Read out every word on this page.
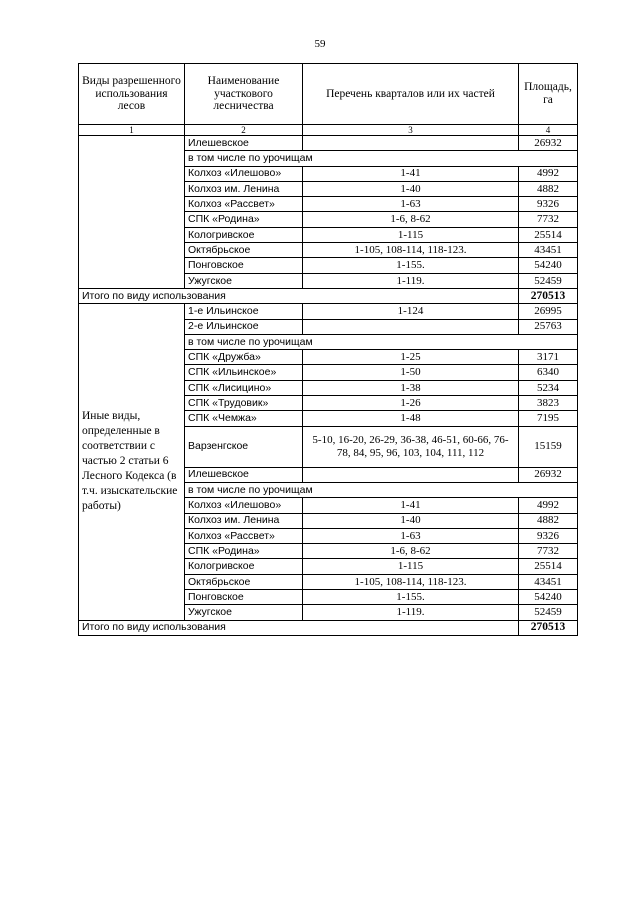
59
Виды разрешенного использования лесов	Наименование участкового лесничества	Перечень кварталов или их частей	Площадь, га
1	2	3	4
	Илешевское		26932
	в том числе по урочищам		
	Колхоз «Илешово»	1-41	4992
	Колхоз им. Ленина	1-40	4882
	Колхоз «Рассвет»	1-63	9326
	СПК «Родина»	1-6, 8-62	7732
	Кологривское	1-115	25514
	Октябрьское	1-105, 108-114, 118-123.	43451
	Понговское	1-155.	54240
	Ужугское	1-119.	52459
Итого по виду использования			270513
Иные виды, определенные в соответствии с частью 2 статьи 6 Лесного Кодекса (в т.ч. изыскательские работы)	1-е Ильинское	1-124	26995
	2-е Ильинское		25763
	в том числе по урочищам		
	СПК «Дружба»	1-25	3171
	СПК «Ильинское»	1-50	6340
	СПК «Лисицино»	1-38	5234
	СПК «Трудовик»	1-26	3823
	СПК «Чемжа»	1-48	7195
	Варзенгское	5-10, 16-20, 26-29, 36-38, 46-51, 60-66, 76-78, 84, 95, 96, 103, 104, 111, 112	15159
	Илешевское		26932
	в том числе по урочищам		
	Колхоз «Илешово»	1-41	4992
	Колхоз им. Ленина	1-40	4882
	Колхоз «Рассвет»	1-63	9326
	СПК «Родина»	1-6, 8-62	7732
	Кологривское	1-115	25514
	Октябрьское	1-105, 108-114, 118-123.	43451
	Понговское	1-155.	54240
	Ужугское	1-119.	52459
Итого по виду использования			270513
